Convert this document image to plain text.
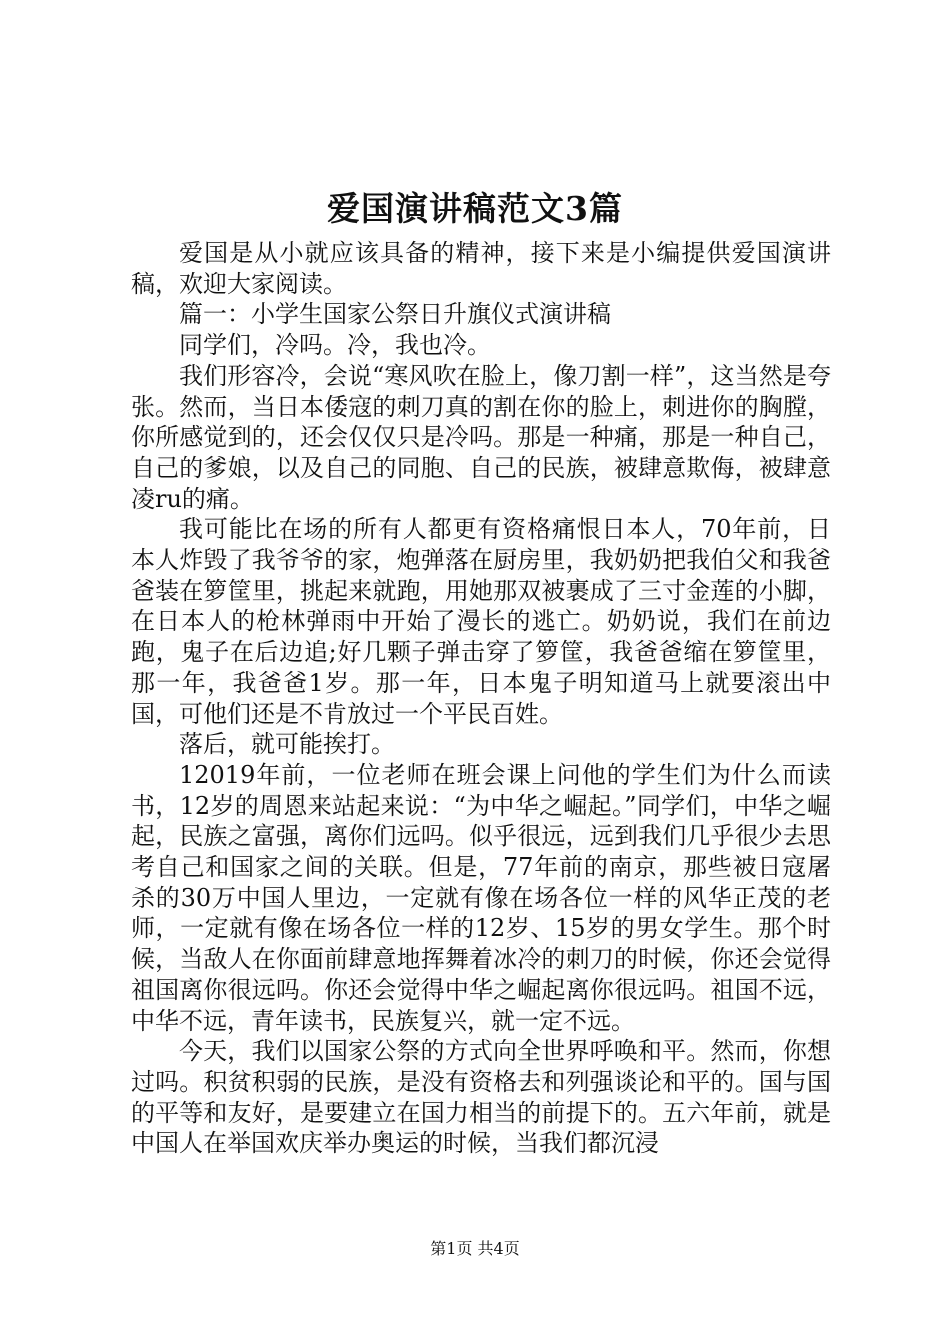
爱国演讲稿范文3篇

爱国是从小就应该具备的精神，接下来是小编提供爱国演讲稿，欢迎大家阅读。

篇一：小学生国家公祭日升旗仪式演讲稿

同学们，冷吗。冷，我也冷。

我们形容冷，会说“寒风吹在脸上，像刀割一样”，这当然是夸张。然而，当日本倭寇的刺刀真的割在你的脸上，刺进你的胸膛，你所感觉到的，还会仅仅只是冷吗。那是一种痛，那是一种自己，自己的爹娘，以及自己的同胞、自己的民族，被肆意欺侮，被肆意凌ru的痛。

我可能比在场的所有人都更有资格痛恨日本人，70年前，日本人炸毁了我爷爷的家，炮弹落在厨房里，我奶奶把我伯父和我爸爸装在箩筐里，挑起来就跑，用她那双被裹成了三寸金莲的小脚，在日本人的枪林弹雨中开始了漫长的逃亡。奶奶说，我们在前边跑，鬼子在后边追;好几颗子弹击穿了箩筐，我爸爸缩在箩筐里，那一年，我爸爸1岁。那一年，日本鬼子明知道马上就要滚出中国，可他们还是不肯放过一个平民百姓。

落后，就可能挨打。

12019年前，一位老师在班会课上问他的学生们为什么而读书，12岁的周恩来站起来说：“为中华之崛起。”同学们，中华之崛起，民族之富强，离你们远吗。似乎很远，远到我们几乎很少去思考自己和国家之间的关联。但是，77年前的南京，那些被日寇屠杀的30万中国人里边，一定就有像在场各位一样的风华正茂的老师，一定就有像在场各位一样的12岁、15岁的男女学生。那个时候，当敌人在你面前肆意地挥舞着冰冷的刺刀的时候，你还会觉得祖国离你很远吗。你还会觉得中华之崛起离你很远吗。祖国不远，中华不远，青年读书，民族复兴，就一定不远。

今天，我们以国家公祭的方式向全世界呼唤和平。然而，你想过吗。积贫积弱的民族，是没有资格去和列强谈论和平的。国与国的平等和友好，是要建立在国力相当的前提下的。五六年前，就是中国人在举国欢庆举办奥运的时候，当我们都沉浸

第1页 共4页
